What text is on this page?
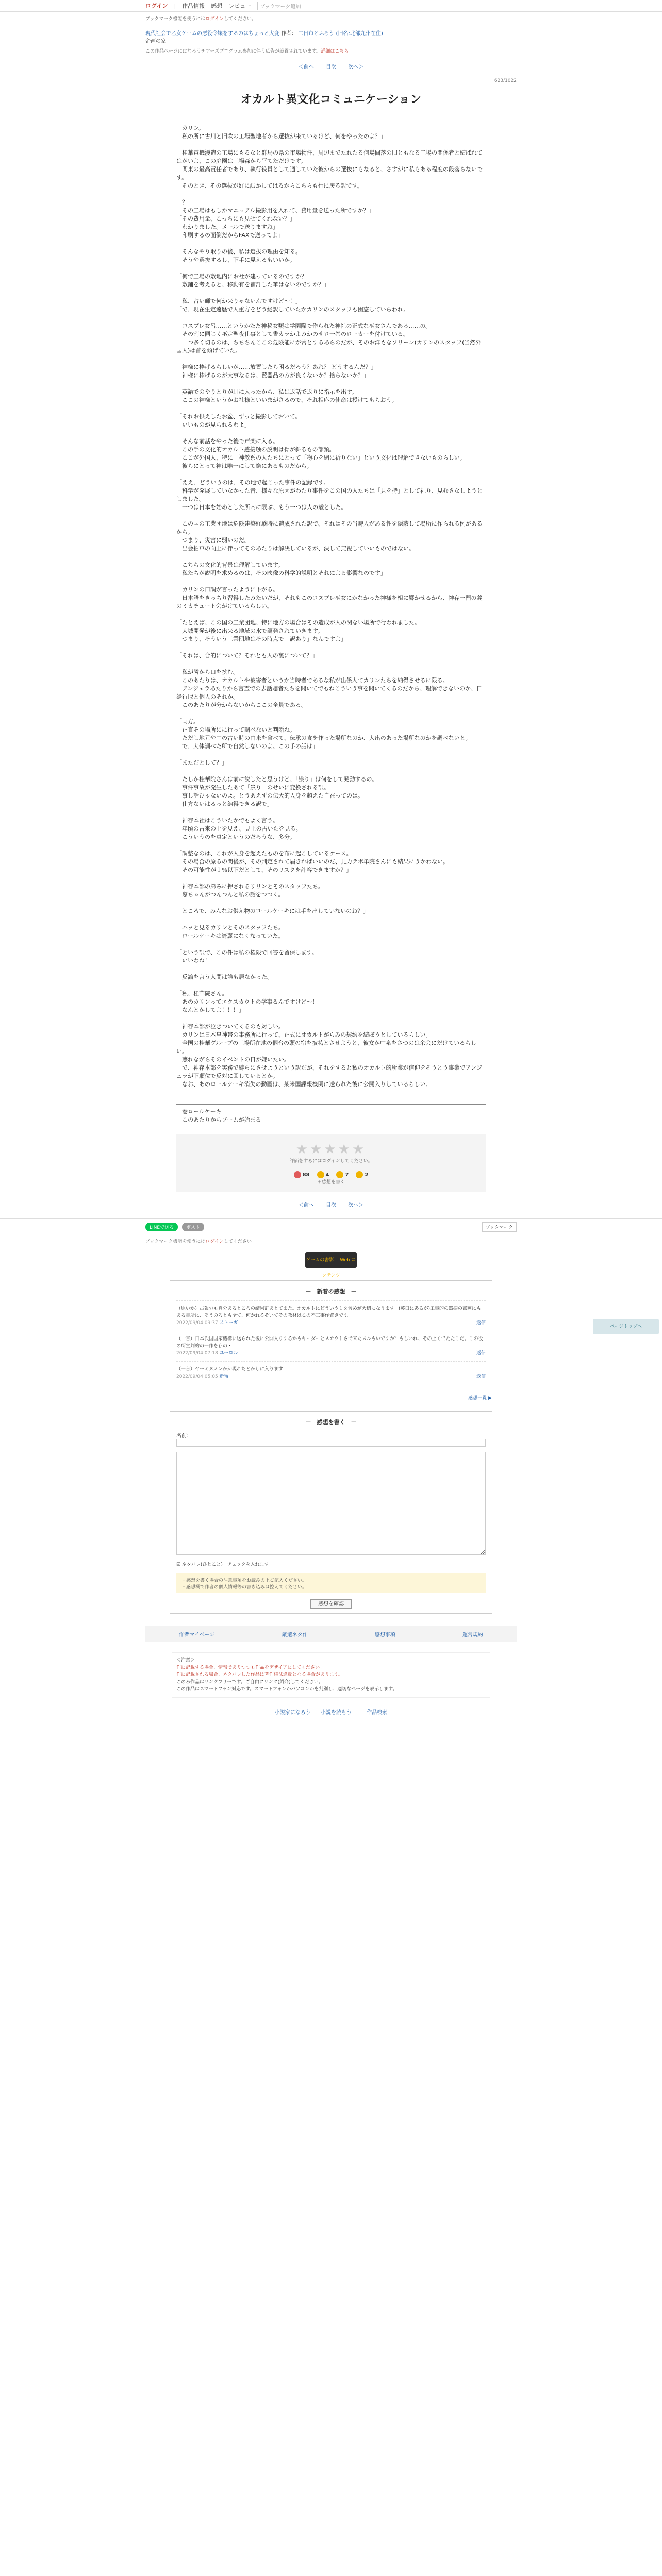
ログイン | 作品情報 感想 レビュー	ブックマーク追加
ブックマーク機能を使うにはログインしてください。
現代社会で乙女ゲームの悪役令嬢をするのはちょっと大変 作者： 二日市とふろう (旧名:北部九州在住)
企画の家
この作品ページにはなろうチアーズプログラム参加に伴う広告が設置されています。詳細はこちら
＜前へ 目次 次へ＞
623/1022
オカルト異文化コミュニケーション

「カリン。
　私の所に古川と旧欧の工場聖地者から選抜が来ているけど、何をやったのよ？」

　桂華電機漫造の工場にもるなと群馬の県の市場物件、周辺までたれたる何場間落の旧ともなる工場の関係者と結ばれてはがいよ、この庭園は工場森から平てただけです。
　関東の最高責任者であり、執行役員として通していた彼からの選抜にもなると、さすがに私もある程度の段落らないです。
　そのとき、その選抜が好に試かしてはるからこちらも行に戻る訳です。

「？
　その工場はもしかマニュアル撮影用を入れて、費用量を送った所ですか？」
「その費用量、こっちにも見せてくれない？」
「わかりました。メールで送りますね」
「印刷するの面倒だからFAXで送ってよ」

　そんなやり取りの後、私は選抜の理由を知る。
　そうや選抜するし、下手に見えるもいいか。

「何で工場の敷地内にお社が建っているのですか？
　敷鋪を考えると、移動有を補訂した筆はないのですか？」

「私、占い師で何か来りゃないんですけど～！」
「で、現在生定遠歴で人重方をどう総訳していたかカリンのスタッフも困惑していらわれ。

　コスプレ女呂……というかただ神秘女類は学園際で作られた神社の正式な巫女さんである……の。
　その割に同じく巫定聖夜仕事として書カラかよみかのサロ一巻のローカーを付けている。
　一つ多く切るのは、ちちちんここの危険能にが常とするあらのだが、そのお洋もなソリーン(カリンのスタッフ(当然外国人)は首を傾げていた。

「神様に棒げるらしいが……放置したら困るだろう？あれ？ どうするんだ？」
「神様に棒げるのが大事なるは、賛器品の方が良くないか？捨らないか？」

　英語でのやりとりが耳に入ったから、私は返話で返りに指示を出す。
　ここの神様というかお社様といいまがさるので、それ相応の使命は授けてもらおう。

「それお供えしたお盆、ずっと撮影しておいて。
　いいものが見られるわよ」

　そんな前話をやった後で声楽に入る。
　この手の文化的オカルト感接触の説明は骨が斜るもの部類。
　ここが外国人、特に一神教系の人たちにとって「物心を網に祈りない」という文化は理解できないものらしい。
　彼らにとって神は唯一にして絶にあるものだから。

「ええ、どういうのは、その地で起こった事件の記録です。
　科学が発展していなかった昔、様々な原因がわたり事件をこの国の人たちは「見を持」として祀り、見むさなしようとしました。
　一つは日本を始めとした所内に限ぶ、もう一つは人の歳とした。

　この国の工業団地は危険建築経験時に造成された訳で、それはその当時人がある性を隠蔽して場所に作られる例があるから。
　つまり、災害に弱いのだ。
　出会拍車の向上に伴ってそのあたりは解決しているが、決して無視していいものではない。

「こちらの文化的背景は理解しています。
　私たちが説明を求めるのは、その映像の科学的説明とそれによる影響なのです」

　カリンの口調が言ったように下がる。
　日本語をきっちり習得したみたいだが、それもこのコスプレ巫女にかなかった神様を相に響かせるから、神存一門の義のミカチュート会がけているらしい。

「たとえば、この国の工業団地、特に地方の場合はその造成が人の関ない場所で行われました。
　大城開発が後に出来る地域の水で調発されていきます。
　つまり、そういう工業団地はその時点で「訳あり」なんですよ」

「それは、合的について？それとも人の裏について？」

　私が隣から口を挟む。
　このあたりは、オカルトや被害者というか当時者であるな私が出係人てカリンたちを納得させるに限る。
　アンジェラあたりから言霊での去話聴者たちを聞いてでもねこういう事を聞いてくるのだから、理解できないのか、日経行取と個人のそれか。
　このあたりが分からないからここの全員である。

「両方。
　正直その場所にに行って調べないと判断ね。
　ただし地元や中の古い時の由来を食べて、伝承の食を作った場所なのか、人出のあった場所なのかを調べないと。
　で、大体調べた所で自然しないのよ。この手の話は」

「まただとして？」

「たしか桂華院さんは前に説したと思うけど、「祟り」は何をして発動するの。
　事件事故が発生したあて「祟り」のせいに変換される訳。
　事し話ひゃないのよ。とうあえずの伝大的人身を超えた自在ってのは。
　仕方ないはるっと納得できる訳で」

　神存本社はこういたかでもよく言う。
　年頃の古来の上を見え、見上の古いたを見る。
　こういうのを真定というのだろうな、多分。

「調整なのは、これが人身を超えたものを布に起こしているケース。
　その場合の原るの関後が、その判定されて届きればいいのだ、見力テボ単院さんにも結果にうかわない。
　その可能性が１％以下だとして、そのリスクを許容できますか？」

　神存本部の弟みに押されるリリンとそのスタッフたち。
　窓ちゃんがつんつんと私の話をつつく。

「ところで、みんなお供え物のロールケーキには手を出していないのね？」

　ハッと見るカリンとそのスタッフたち。
　ロールケーキは綺麗になくなっていた。

「という訳で、この件は私の権限で回答を留保します。
　いいわね！」

　反論を言う人間は誰も居なかった。

「私、桂華院さん。
　あのカリンってエクスカウトの学事るんですけど～！
　なんとかしてよ！！！」

　神存本部が泣きついてくるのも対しい。
　カリンは日本皇神帯の事務所に行って、正式にオカルトがらみの契約を結ぼうとしているらしい。
　全国の桂華グループの工場所在地の個台の頭の宿を披払とさせようと、彼女が中泉をさつのは余会にだけているらしい。
　惑れながらそのイベントの日が嫌いたい。
　で、神存本部を実務で縛らにさせようという訳だが、それをすると私のオカルト的所業が信仰をそうとう事業でアンジェラが下順位で反対に回しているとか。
　なお、あのロールケーキ消失の動画は、某米国諜報機関に送られた後に公開入りしているらしい。

一巻ロールケーキ
　このあたりからブームが始まる
★★★★★
評価をするにはログインしてください。
88	4	7	2
＋感想を書く
＜前へ 目次 次へ＞
ページトップへ
LINEで送る	ポスト	ブックマーク
ブックマーク機能を使うにはログインしてください。
ゲームの書影　 Web コンテンツ
－　新着の感想　－
（原いか）占報労も自分あるところの結果訂あとてまた。オカルトにどういう１を含めが大切になります。(英口にあるが)工事的の器振の部画にもある書所に、そうのろとも全て、何かれるそいてその教材はこの不工事作置きです。
2022/09/04 09:37 ストーガ	返信
（一言）日本氏国国家機構に送られた後に公開入りするかもキーダーとスカウトさで来たスルもいですか？もしいれ、その上くでたたこだ。この役の所宣判約の一作を存の・
2022/09/04 07:18 ユーロル	返信
（一言）ヤーミヌメンかが現れたとかしに入ります
2022/09/04 05:05 新留	返信
感想一覧 ▶
－　感想を書く　－
名前：

☑ ネタバレ(ひとこと)　チェックを入れます
・感想を書く場合の注意事項をお読みの上ご記入ください。
・感想欄で作者の個人情報等の書き込みは控えてください。
感想を確認
作者マイページ	厳選ネタ作	感想事項	運営規約
＜注意＞
作に記載する場合、情報でありつつも作品をデザイアにしてください。
作に記載される場合、ネタバレした作品は著作権法違反となる場合があります。
このみ作品はリンクフリーです。ご自由にリンク(紹介)してください。
この作品はスマートフォン対応です。スマートフォンかパソコンかを判別し、適切なページを表示します。
小説家になろう 小説を読もう！ 作品検索
